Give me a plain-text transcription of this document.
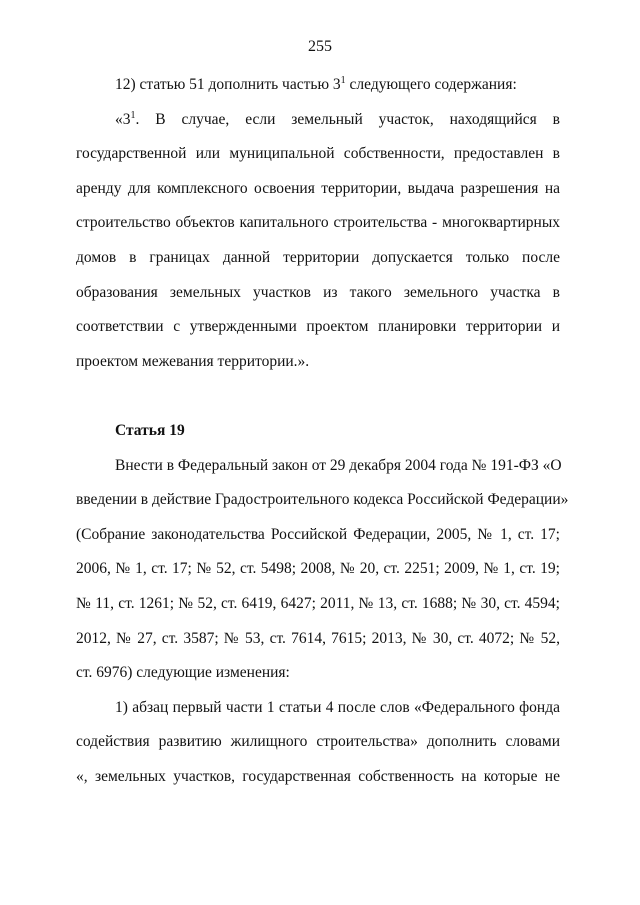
255
12) статью 51 дополнить частью $3^1$ следующего содержания:
«$3^1$. В случае, если земельный участок, находящийся в
государственной или муниципальной собственности, предоставлен в
аренду для комплексного освоения территории, выдача разрешения на
строительство объектов капитального строительства - многоквартирных
домов в границах данной территории допускается только после
образования земельных участков из такого земельного участка в
соответствии с утвержденными проектом планировки территории и
проектом межевания территории.».
Статья 19
Внести в Федеральный закон от 29 декабря 2004 года № 191-ФЗ «О
введении в действие Градостроительного кодекса Российской Федерации»
(Собрание законодательства Российской Федерации, 2005, № 1, ст. 17;
2006, № 1, ст. 17; № 52, ст. 5498; 2008, № 20, ст. 2251; 2009, № 1, ст. 19;
№ 11, ст. 1261; № 52, ст. 6419, 6427; 2011, № 13, ст. 1688; № 30, ст. 4594;
2012, № 27, ст. 3587; № 53, ст. 7614, 7615; 2013, № 30, ст. 4072; № 52,
ст. 6976) следующие изменения:
1) абзац первый части 1 статьи 4 после слов «Федерального фонда
содействия развитию жилищного строительства» дополнить словами
«, земельных участков, государственная собственность на которые не
